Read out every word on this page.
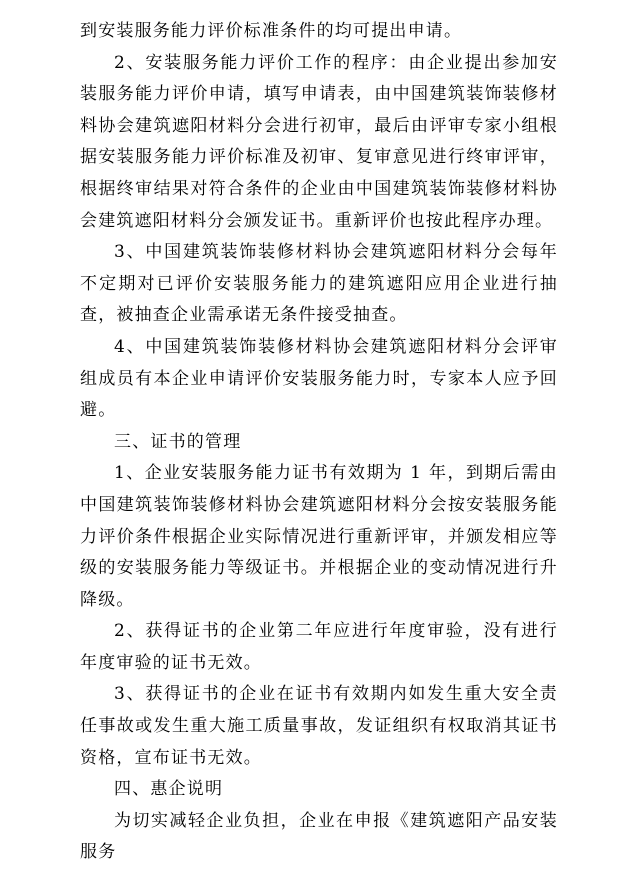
到安装服务能力评价标准条件的均可提出申请。

2、安装服务能力评价工作的程序：由企业提出参加安装服务能力评价申请，填写申请表，由中国建筑装饰装修材料协会建筑遮阳材料分会进行初审，最后由评审专家小组根据安装服务能力评价标准及初审、复审意见进行终审评审，根据终审结果对符合条件的企业由中国建筑装饰装修材料协会建筑遮阳材料分会颁发证书。重新评价也按此程序办理。

3、中国建筑装饰装修材料协会建筑遮阳材料分会每年不定期对已评价安装服务能力的建筑遮阳应用企业进行抽查，被抽查企业需承诺无条件接受抽查。

4、中国建筑装饰装修材料协会建筑遮阳材料分会评审组成员有本企业申请评价安装服务能力时，专家本人应予回避。

三、证书的管理

1、企业安装服务能力证书有效期为 1 年，到期后需由中国建筑装饰装修材料协会建筑遮阳材料分会按安装服务能力评价条件根据企业实际情况进行重新评审，并颁发相应等级的安装服务能力等级证书。并根据企业的变动情况进行升降级。

2、获得证书的企业第二年应进行年度审验，没有进行年度审验的证书无效。

3、获得证书的企业在证书有效期内如发生重大安全责任事故或发生重大施工质量事故，发证组织有权取消其证书资格，宣布证书无效。

四、惠企说明

为切实减轻企业负担，企业在申报《建筑遮阳产品安装服务
